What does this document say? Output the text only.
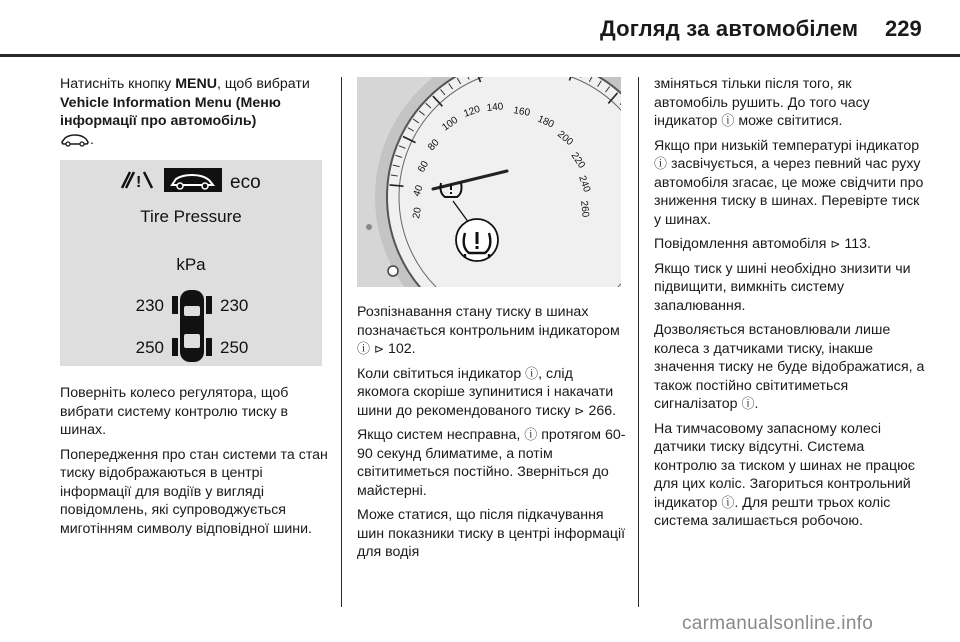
Догляд за автомобілем 229

Натисніть кнопку MENU, щоб вибрати Vehicle Information Menu (Меню інформації про автомобіль)
.

!	eco
Tire Pressure
kPa
230	230
250	250

Поверніть колесо регулятора, щоб вибрати систему контролю тиску в шинах.

Попередження про стан системи та стан тиску відображаються в центрі інформації для водіїв у вигляді повідомлень, які супроводжується миготінням символу відповідної шини.

20
40
60
80
100
120 140 160
180
200
220
240
260

Розпізнавання стану тиску в шинах позначається контрольним індикатором ⓘ ⊳ 102.

Коли світиться індикатор ⓘ, слід якомога скоріше зупинитися і накачати шини до рекомендованого тиску ⊳ 266.

Якщо систем несправна, ⓘ протягом 60-90 секунд блиматиме, а потім світитиметься постійно. Зверніться до майстерні.

Може статися, що після підкачування шин показники тиску в центрі інформації для водія

зміняться тільки після того, як автомобіль рушить. До того часу індикатор ⓘ може світитися.

Якщо при низькій температурі індикатор ⓘ засвічується, а через певний час руху автомобіля згасає, це може свідчити про зниження тиску в шинах. Перевірте тиск у шинах.

Повідомлення автомобіля ⊳ 113.

Якщо тиск у шині необхідно знизити чи підвищити, вимкніть систему запалювання.

Дозволяється встановлювали лише колеса з датчиками тиску, інакше значення тиску не буде відображатися, а також постійно світитиметься сигналізатор ⓘ.

На тимчасовому запасному колесі датчики тиску відсутні. Система контролю за тиском у шинах не працює для цих коліс. Загориться контрольний індикатор ⓘ. Для решти трьох коліс система залишається робочою.

carmanualsonline.info
